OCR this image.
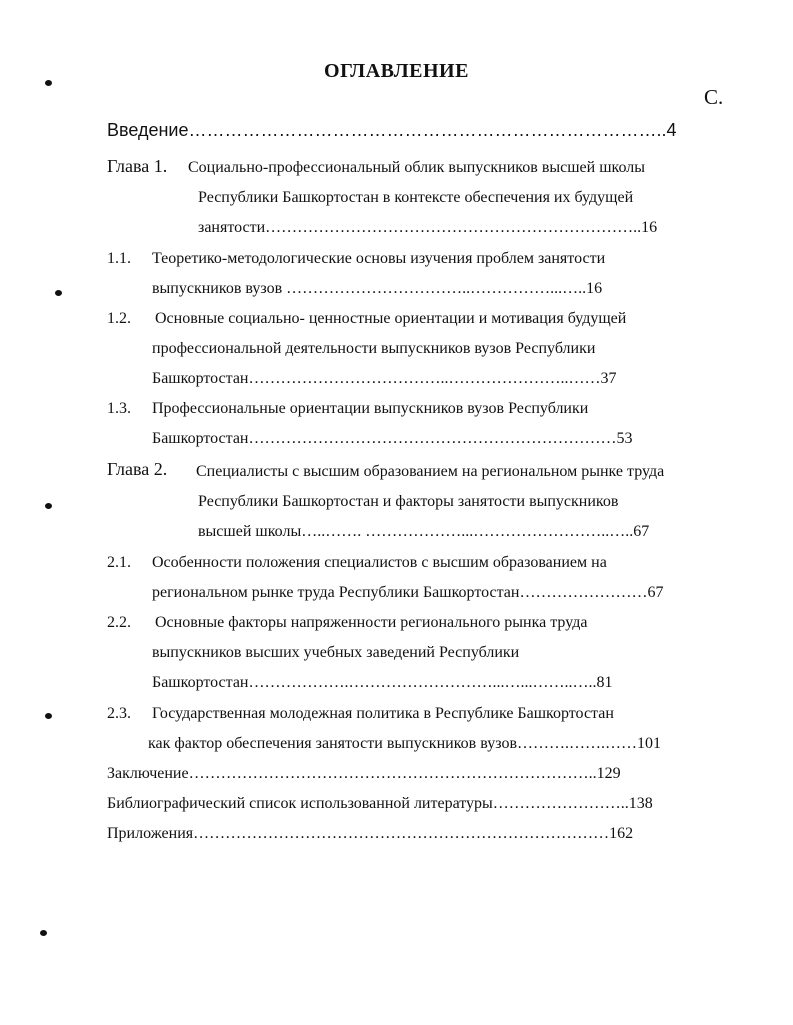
ОГЛАВЛЕНИЕ
С.
Введение……………………………………………………………………..4
Глава 1. Социально-профессиональный облик выпускников высшей школы
Республики Башкортостан в контексте обеспечения их будущей
занятости……………………………………………………………..16
1.1. Теоретико-методологические основы изучения проблем занятости
выпускников вузов ……………………………..……………...…..16
1.2. Основные социально- ценностные ориентации и мотивация будущей
профессиональной деятельности выпускников вузов Республики
Башкортостан………………………………..…………………..……37
1.3. Профессиональные ориентации выпускников вузов Республики
Башкортостан……………………………………………………………53
Глава 2. Специалисты с высшим образованием на региональном рынке труда
Республики Башкортостан и факторы занятости выпускников
высшей школы…..……. ………………...……………………..…..67
2.1. Особенности положения специалистов с высшим образованием на
региональном рынке труда Республики Башкортостан……………………67
2.2. Основные факторы напряженности регионального рынка труда
выпускников высших учебных заведений Республики
Башкортостан……………….………………………...…...……..…..81
2.3. Государственная молодежная политика в Республике Башкортостан
как фактор обеспечения занятости выпускников вузов……….…….……101
Заключение…………………………………………………………………..129
Библиографический список использованной литературы……………………..138
Приложения……………………………………………………………………162
